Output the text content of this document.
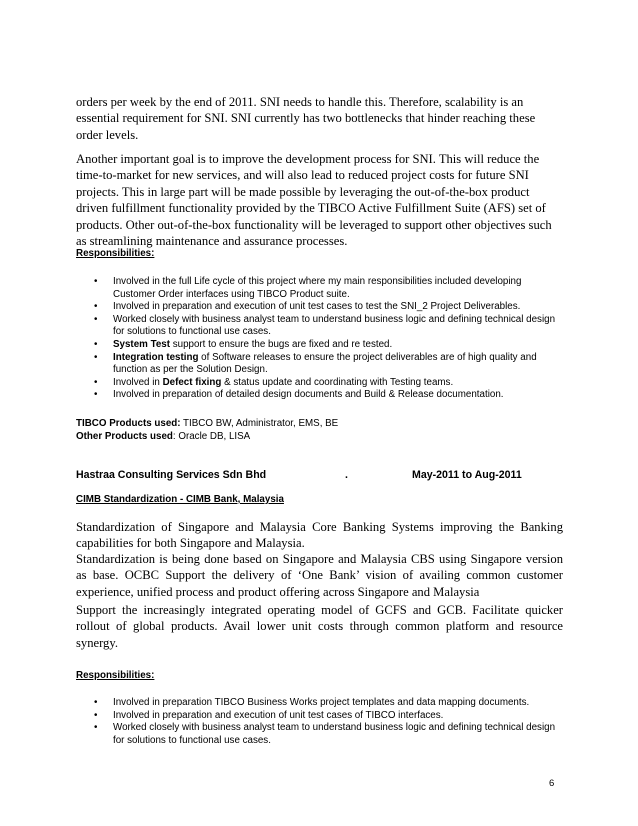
orders per week by the end of 2011. SNI needs to handle this. Therefore, scalability is an essential requirement for SNI. SNI currently has two bottlenecks that hinder reaching these order levels.

Another important goal is to improve the development process for SNI. This will reduce the time-to-market for new services, and will also lead to reduced project costs for future SNI projects. This in large part will be made possible by leveraging the out-of-the-box product driven fulfillment functionality provided by the TIBCO Active Fulfillment Suite (AFS) set of products. Other out-of-the-box functionality will be leveraged to support other objectives such as streamlining maintenance and assurance processes.

Responsibilities:
• Involved in the full Life cycle of this project where my main responsibilities included developing Customer Order interfaces using TIBCO Product suite.
• Involved in preparation and execution of unit test cases to test the SNI_2 Project Deliverables.
• Worked closely with business analyst team to understand business logic and defining technical design for solutions to functional use cases.
• System Test support to ensure the bugs are fixed and re tested.
• Integration testing of Software releases to ensure the project deliverables are of high quality and function as per the Solution Design.
• Involved in Defect fixing & status update and coordinating with Testing teams.
• Involved in preparation of detailed design documents and Build & Release documentation.
TIBCO Products used: TIBCO BW, Administrator, EMS, BE
Other Products used: Oracle DB, LISA
Hastraa Consulting Services Sdn Bhd	.	May-2011 to Aug-2011
CIMB Standardization - CIMB Bank, Malaysia

Standardization of Singapore and Malaysia Core Banking Systems improving the Banking capabilities for both Singapore and Malaysia.

Standardization is being done based on Singapore and Malaysia CBS using Singapore version as base. OCBC Support the delivery of ‘One Bank’ vision of availing common customer experience, unified process and product offering across Singapore and Malaysia

Support the increasingly integrated operating model of GCFS and GCB. Facilitate quicker rollout of global products. Avail lower unit costs through common platform and resource synergy.

Responsibilities:
• Involved in preparation TIBCO Business Works project templates and data mapping documents.
• Involved in preparation and execution of unit test cases of TIBCO interfaces.
• Worked closely with business analyst team to understand business logic and defining technical design for solutions to functional use cases.
6
